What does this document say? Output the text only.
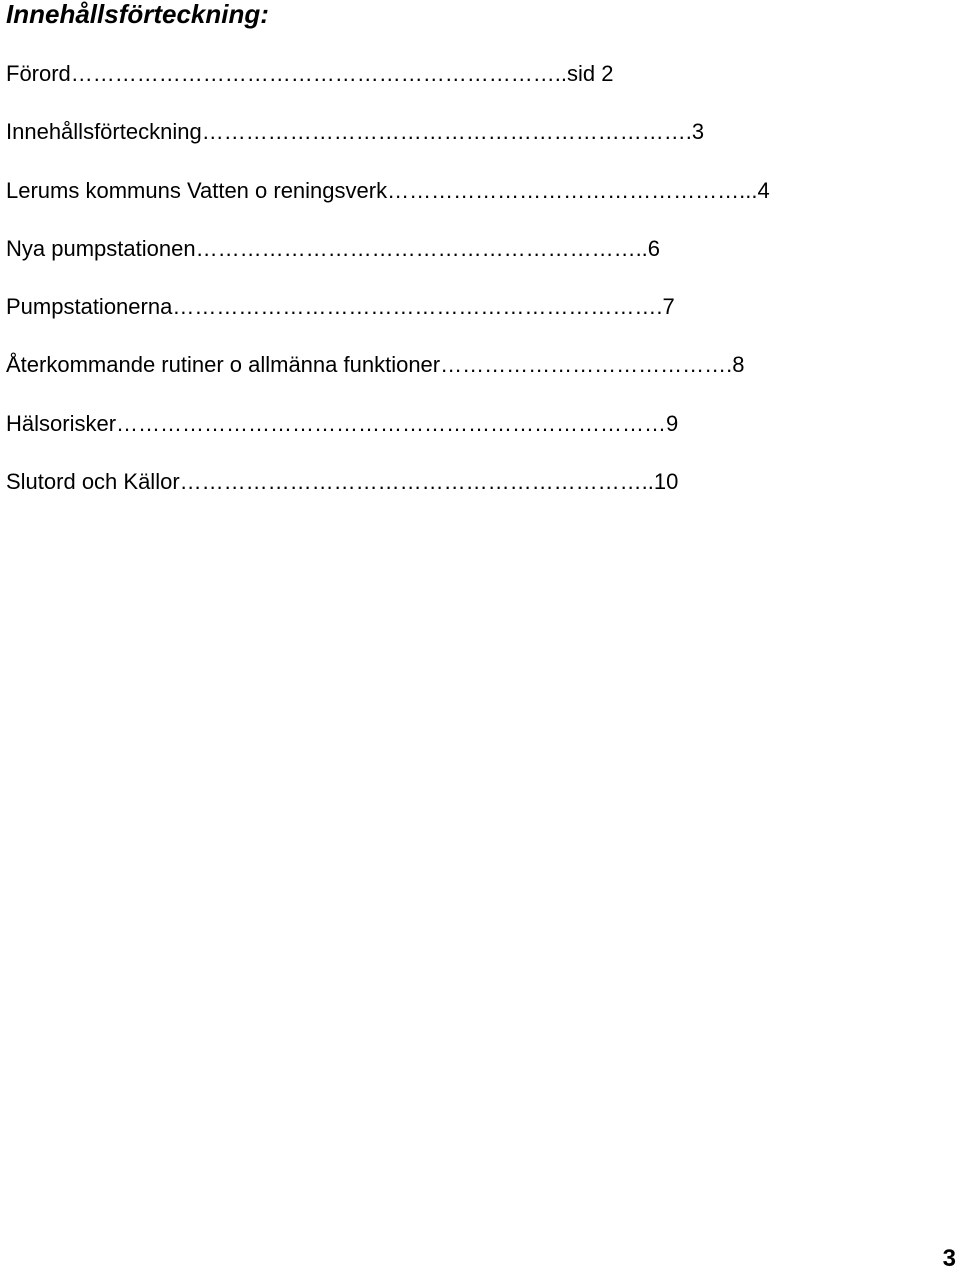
Innehållsförteckning:
Förord…………………………………………………………..sid 2
Innehållsförteckning………………………………………………………….3
Lerums kommuns Vatten o reningsverk…………………………………………...4
Nya pumpstationen……………………………………………………..6
Pumpstationerna………………………………………………………….7
Återkommande rutiner o allmänna funktioner………………………………….8
Hälsorisker…………………………………………………………………9
Slutord och Källor………………………………………………………..10
3
